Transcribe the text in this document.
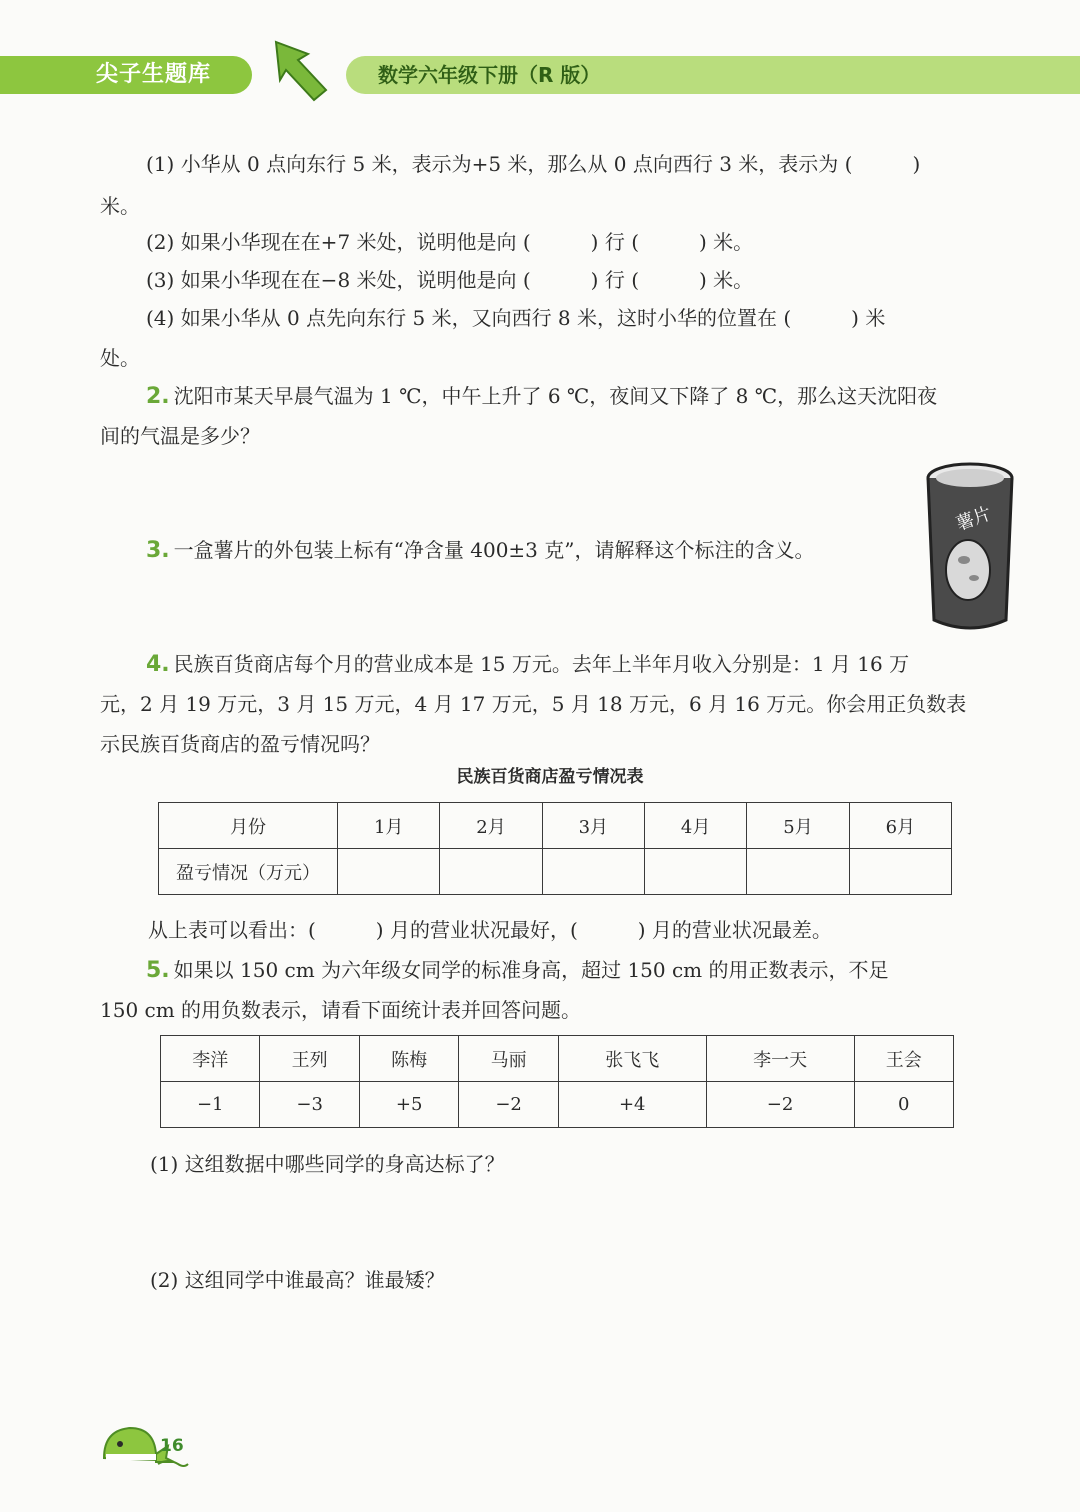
尖子生题库	数学六年级下册（R 版）
(1) 小华从 0 点向东行 5 米，表示为+5 米，那么从 0 点向西行 3 米，表示为 (　　　)
米。
(2) 如果小华现在在+7 米处，说明他是向 (　　　) 行 (　　　) 米。
(3) 如果小华现在在−8 米处，说明他是向 (　　　) 行 (　　　) 米。
(4) 如果小华从 0 点先向东行 5 米，又向西行 8 米，这时小华的位置在 (　　　) 米
处。
2. 沈阳市某天早晨气温为 1 ℃，中午上升了 6 ℃，夜间又下降了 8 ℃，那么这天沈阳夜
间的气温是多少？
3. 一盒薯片的外包装上标有“净含量 400±3 克”，请解释这个标注的含义。
薯片
4. 民族百货商店每个月的营业成本是 15 万元。去年上半年月收入分别是：1 月 16 万
元，2 月 19 万元，3 月 15 万元，4 月 17 万元，5 月 18 万元，6 月 16 万元。你会用正负数表
示民族百货商店的盈亏情况吗？
民族百货商店盈亏情况表
月份	1月	2月	3月	4月	5月	6月
盈亏情况（万元）						
从上表可以看出：(　　　) 月的营业状况最好，(　　　) 月的营业状况最差。
5. 如果以 150 cm 为六年级女同学的标准身高，超过 150 cm 的用正数表示，不足
150 cm 的用负数表示，请看下面统计表并回答问题。
李洋	王列	陈梅	马丽	张飞飞	李一天	王会
−1	−3	+5	−2	+4	−2	0
(1) 这组数据中哪些同学的身高达标了？
(2) 这组同学中谁最高？谁最矮？
16
